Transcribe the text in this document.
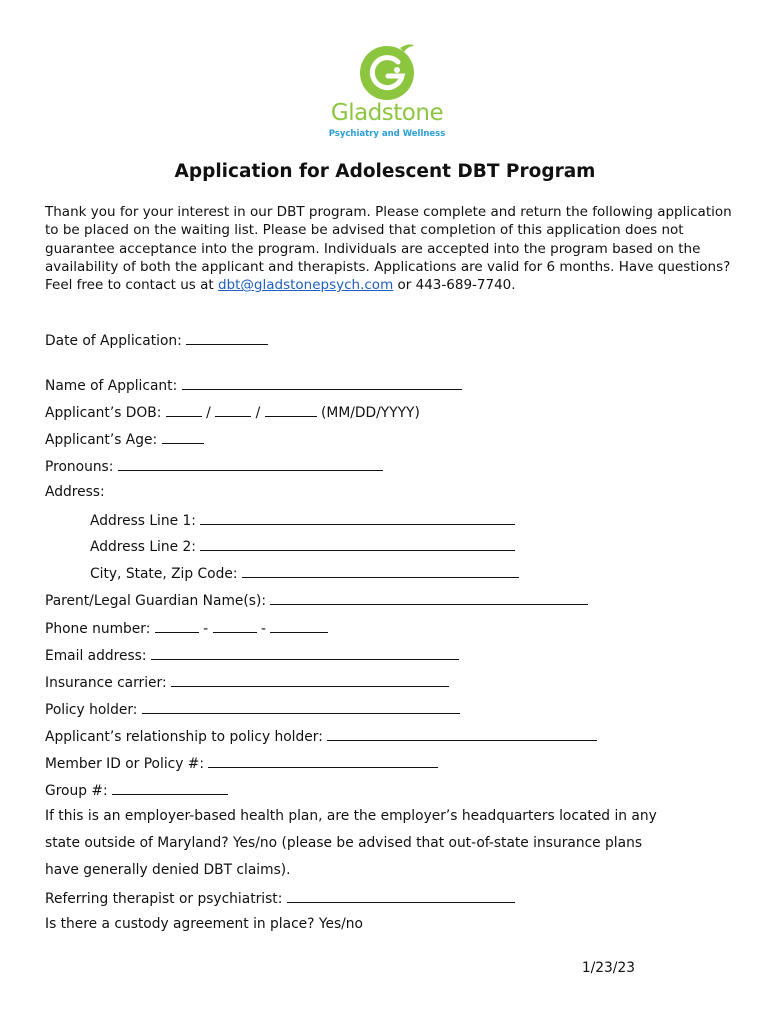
Gladstone
Psychiatry and Wellness
Application for Adolescent DBT Program
Thank you for your interest in our DBT program. Please complete and return the following application to be placed on the waiting list. Please be advised that completion of this application does not guarantee acceptance into the program. Individuals are accepted into the program based on the availability of both the applicant and therapists. Applications are valid for 6 months. Have questions? Feel free to contact us at dbt@gladstonepsych.com or 443-689-7740.
Date of Application:
Name of Applicant:
Applicant’s DOB:	/	/	(MM/DD/YYYY)
Applicant’s Age:
Pronouns:
Address:
Address Line 1:
Address Line 2:
City, State, Zip Code:
Parent/Legal Guardian Name(s):
Phone number:	-	-
Email address:
Insurance carrier:
Policy holder:
Applicant’s relationship to policy holder:
Member ID or Policy #:
Group #:
If this is an employer-based health plan, are the employer’s headquarters located in any
state outside of Maryland? Yes/no (please be advised that out-of-state insurance plans
have generally denied DBT claims).
Referring therapist or psychiatrist:
Is there a custody agreement in place? Yes/no
1/23/23
